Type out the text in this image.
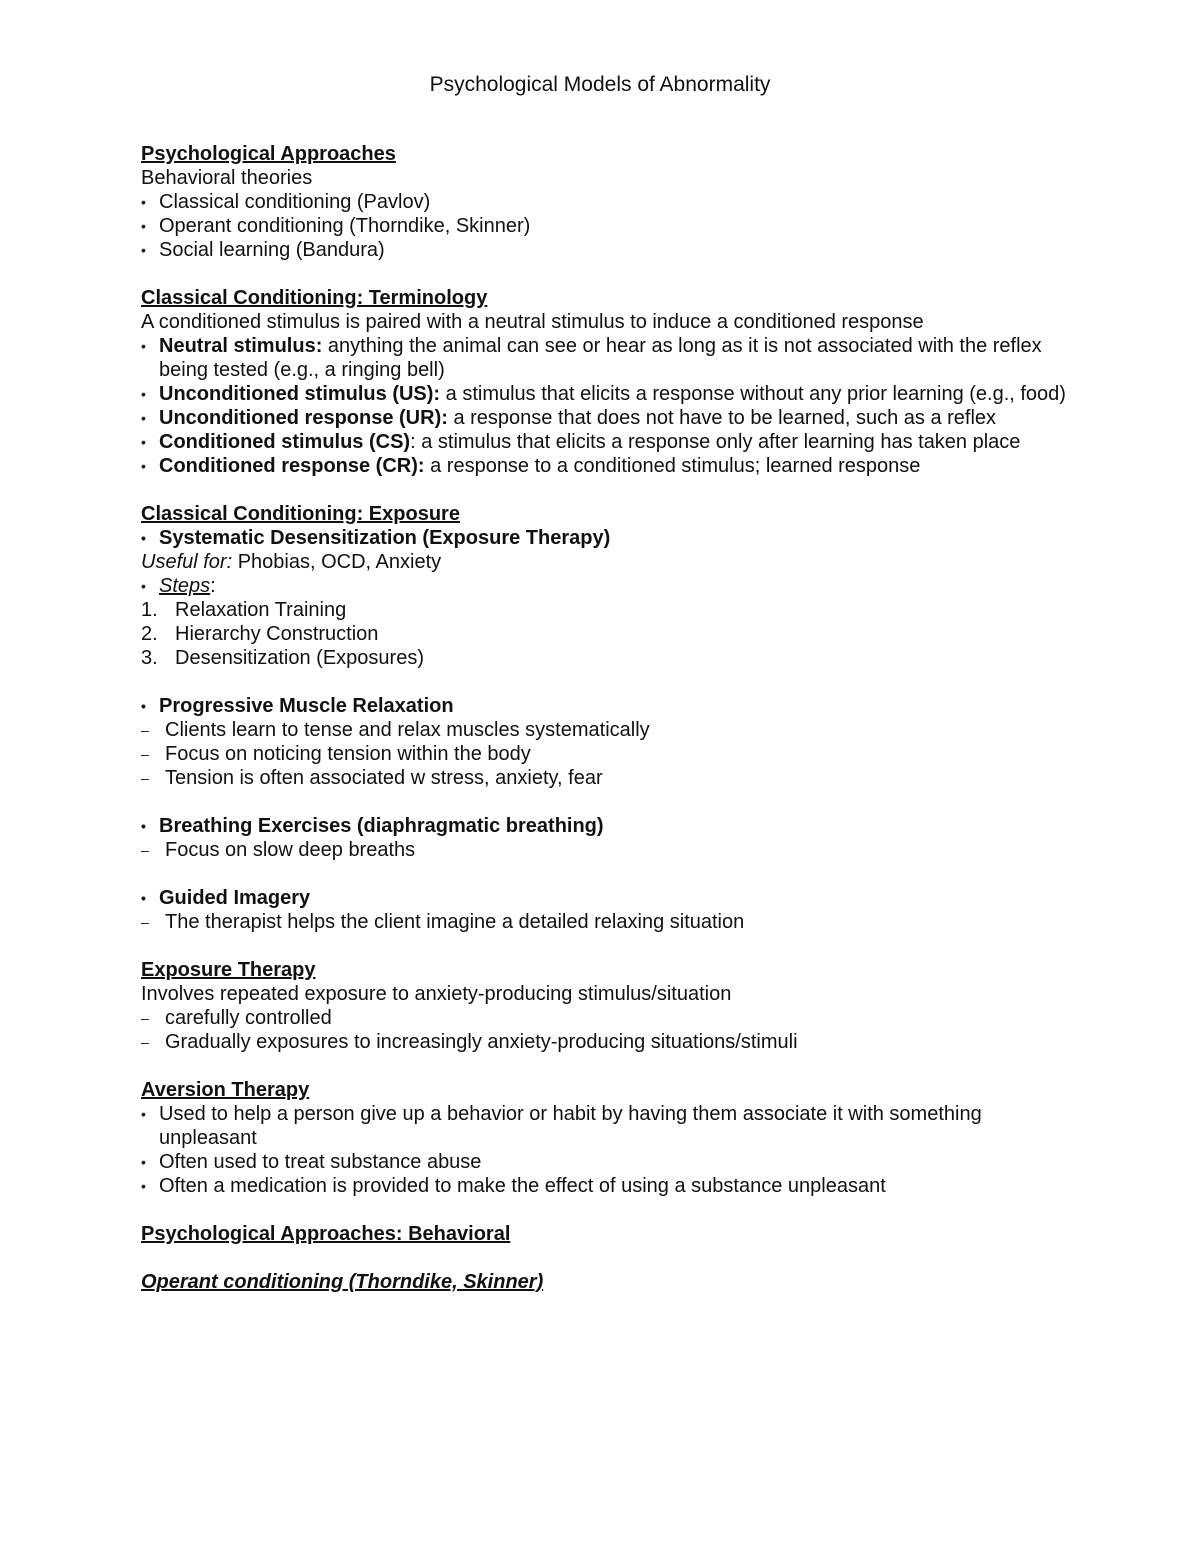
Psychological Models of Abnormality
Psychological Approaches
Behavioral theories
• Classical conditioning (Pavlov)
• Operant conditioning (Thorndike, Skinner)
• Social learning (Bandura)
Classical Conditioning: Terminology
A conditioned stimulus is paired with a neutral stimulus to induce a conditioned response
• Neutral stimulus: anything the animal can see or hear as long as it is not associated with the reflex being tested (e.g., a ringing bell)
• Unconditioned stimulus (US): a stimulus that elicits a response without any prior learning (e.g., food)
• Unconditioned response (UR): a response that does not have to be learned, such as a reflex
• Conditioned stimulus (CS): a stimulus that elicits a response only after learning has taken place
• Conditioned response (CR): a response to a conditioned stimulus; learned response
Classical Conditioning: Exposure
• Systematic Desensitization (Exposure Therapy)
Useful for: Phobias, OCD, Anxiety
• Steps:
1. Relaxation Training
2. Hierarchy Construction
3. Desensitization (Exposures)
• Progressive Muscle Relaxation
– Clients learn to tense and relax muscles systematically
– Focus on noticing tension within the body
– Tension is often associated w stress, anxiety, fear
• Breathing Exercises (diaphragmatic breathing)
– Focus on slow deep breaths
• Guided Imagery
– The therapist helps the client imagine a detailed relaxing situation
Exposure Therapy
Involves repeated exposure to anxiety-producing stimulus/situation
– carefully controlled
– Gradually exposures to increasingly anxiety-producing situations/stimuli
Aversion Therapy
• Used to help a person give up a behavior or habit by having them associate it with something unpleasant
• Often used to treat substance abuse
• Often a medication is provided to make the effect of using a substance unpleasant
Psychological Approaches: Behavioral
Operant conditioning (Thorndike, Skinner)
